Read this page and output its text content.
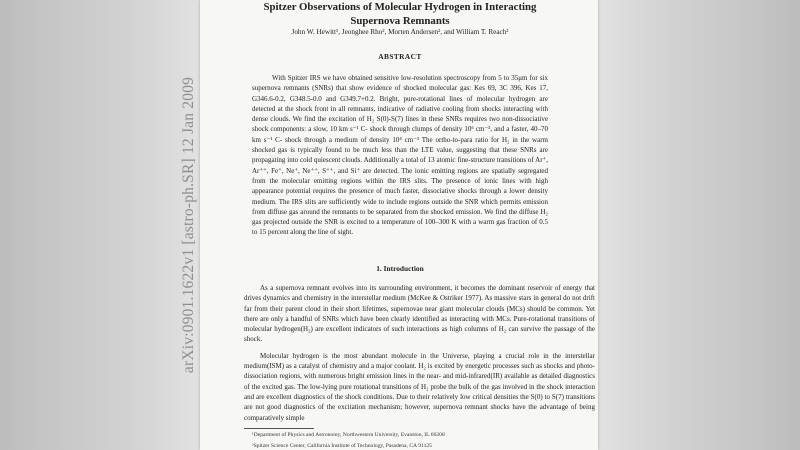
arXiv:0901.1622v1 [astro-ph.SR] 12 Jan 2009
Spitzer Observations of Molecular Hydrogen in Interacting Supernova Remnants
John W. Hewitt¹, Jeonghee Rho², Morten Andersen², and William T. Reach²
ABSTRACT

With Spitzer IRS we have obtained sensitive low-resolution spectroscopy from 5 to 35μm for six supernova remnants (SNRs) that show evidence of shocked molecular gas: Kes 69, 3C 396, Kes 17, G346.6-0.2, G348.5-0.0 and G349.7+0.2. Bright, pure-rotational lines of molecular hydrogen are detected at the shock front in all remnants, indicative of radiative cooling from shocks interacting with dense clouds. We find the excitation of H₂ S(0)-S(7) lines in these SNRs requires two non-dissociative shock components: a slow, 10 km s⁻¹ C- shock through clumps of density 10⁶ cm⁻³, and a faster, 40–70 km s⁻¹ C- shock through a medium of density 10⁴ cm⁻³ The ortho-to-para ratio for H₂ in the warm shocked gas is typically found to be much less than the LTE value, suggesting that these SNRs are propagating into cold quiescent clouds. Additionally a total of 13 atomic fine-structure transitions of Ar⁺, Ar⁺⁺, Fe⁺, Ne⁺, Ne⁺⁺, S⁺⁺, and Si⁺ are detected. The ionic emitting regions are spatially segregated from the molecular emitting regions within the IRS slits. The presence of ionic lines with high appearance potential requires the presence of much faster, dissociative shocks through a lower density medium. The IRS slits are sufficiently wide to include regions outside the SNR which permits emission from diffuse gas around the remnants to be separated from the shocked emission. We find the diffuse H₂ gas projected outside the SNR is excited to a temperature of 100–300 K with a warm gas fraction of 0.5 to 15 percent along the line of sight.

1. Introduction

As a supernova remnant evolves into its surrounding environment, it becomes the dominant reservoir of energy that drives dynamics and chemistry in the interstellar medium (McKee & Ostriker 1977). As massive stars in general do not drift far from their parent cloud in their short lifetimes, supernovae near giant molecular clouds (MCs) should be common. Yet there are only a handful of SNRs which have been clearly identified as interacting with MCs. Pure-rotational transitions of molecular hydrogen(H₂) are excellent indicators of such interactions as high columns of H₂ can survive the passage of the shock.

Molecular hydrogen is the most abundant molecule in the Universe, playing a crucial role in the interstellar medium(ISM) as a catalyst of chemistry and a major coolant. H₂ is excited by energetic processes such as shocks and photo-dissociation regions, with numerous bright emission lines in the near- and mid-infrared(IR) available as detailed diagnostics of the excited gas. The low-lying pure rotational transitions of H₂ probe the bulk of the gas involved in the shock interaction and are excellent diagnostics of the shock conditions. Due to their relatively low critical densities the S(0) to S(7) transitions are not good diagnostics of the excitation mechanism; however, supernova remnant shocks have the advantage of being comparatively simple

¹Department of Physics and Astronomy, Northwestern University, Evanston, IL 60208
²Spitzer Science Center, California Institute of Technology, Pasadena, CA 91125
